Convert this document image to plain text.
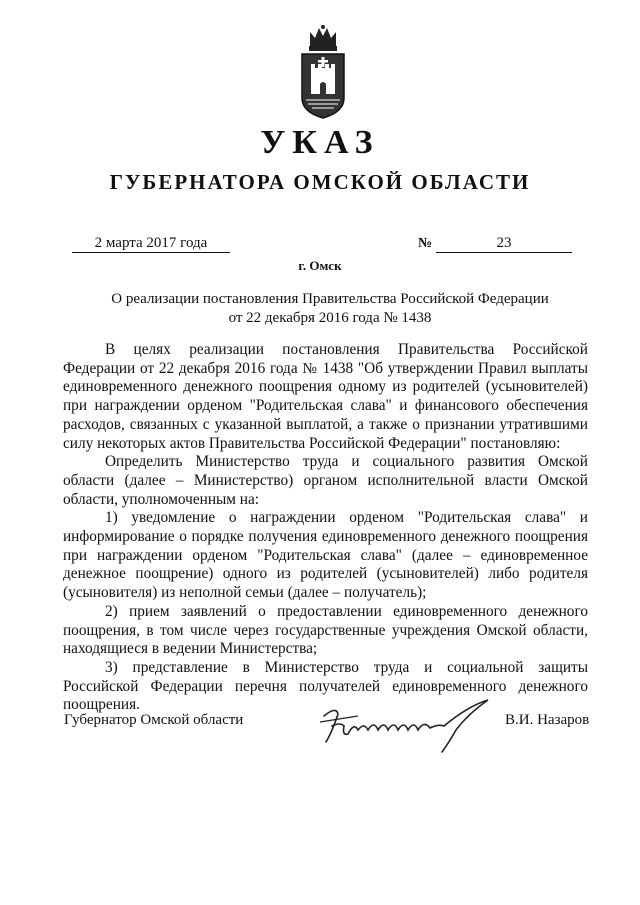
УКАЗ
ГУБЕРНАТОРА ОМСКОЙ ОБЛАСТИ
2 марта 2017 года	№	23
г. Омск
О реализации постановления Правительства Российской Федерации
от 22 декабря 2016 года № 1438

В целях реализации постановления Правительства Российской Федерации от 22 декабря 2016 года № 1438 "Об утверждении Правил выплаты единовременного денежного поощрения одному из родителей (усыновителей) при награждении орденом "Родительская слава" и финансового обеспечения расходов, связанных с указанной выплатой, а также о признании утратившими силу некоторых актов Правительства Российской Федерации" постановляю:

Определить Министерство труда и социального развития Омской области (далее – Министерство) органом исполнительной власти Омской области, уполномоченным на:

1) уведомление о награждении орденом "Родительская слава" и информирование о порядке получения единовременного денежного поощрения при награждении орденом "Родительская слава" (далее – единовременное денежное поощрение) одного из родителей (усыновителей) либо родителя (усыновителя) из неполной семьи (далее – получатель);

2) прием заявлений о предоставлении единовременного денежного поощрения, в том числе через государственные учреждения Омской области, находящиеся в ведении Министерства;

3) представление в Министерство труда и социальной защиты Российской Федерации перечня получателей единовременного денежного поощрения.

Губернатор Омской области	В.И. Назаров
